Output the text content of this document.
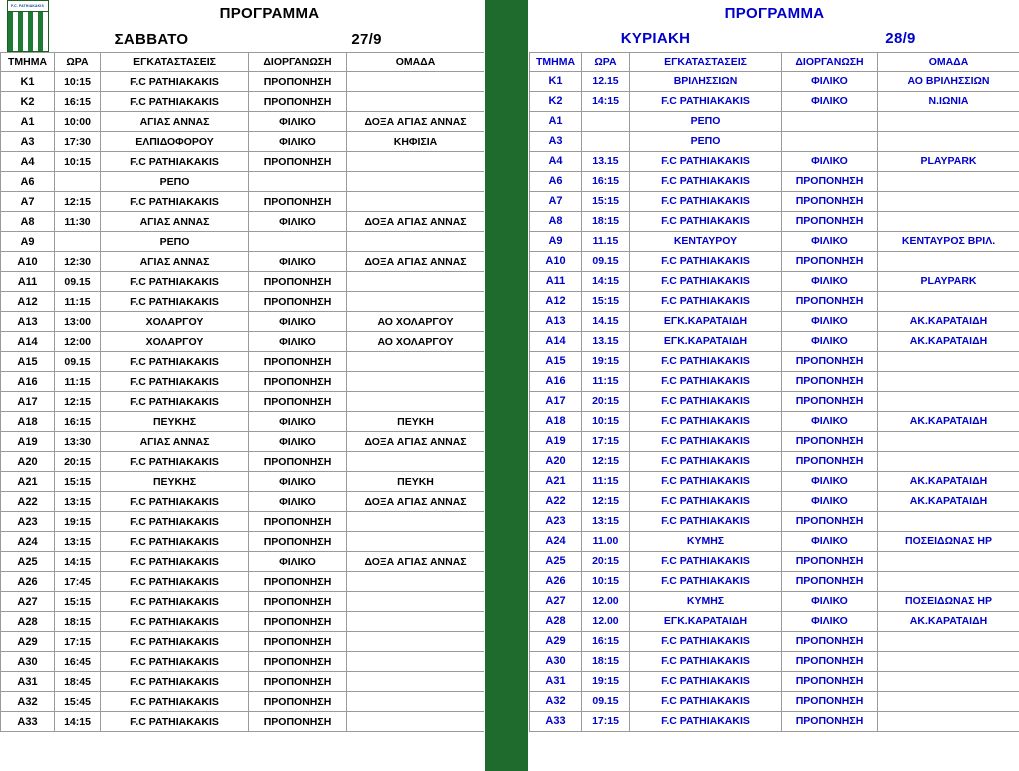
F.C. PATHIAKAKIS	ΠΡΟΓΡΑΜΜΑ			
	ΣΑΒΒΑΤΟ		27/9	
ΤΜΗΜΑ	ΩΡΑ	ΕΓΚΑΤΑΣΤΑΣΕΙΣ	ΔΙΟΡΓΑΝΩΣΗ	ΟΜΑΔΑ
K1	10:15	F.C ΡΑΤΗΙΑΚΑΚΙS	ΠΡΟΠΟΝΗΣΗ	
K2	16:15	F.C ΡΑΤΗΙΑΚΑΚΙS	ΠΡΟΠΟΝΗΣΗ	
Α1	10:00	ΑΓΙΑΣ ΑΝΝΑΣ	ΦΙΛΙΚΟ	ΔΟΞΑ ΑΓΙΑΣ ΑΝΝΑΣ
Α3	17:30	ΕΛΠΙΔΟΦΟΡΟΥ	ΦΙΛΙΚΟ	ΚΗΦΙΣΙΑ
Α4	10:15	F.C ΡΑΤΗΙΑΚΑΚΙS	ΠΡΟΠΟΝΗΣΗ	
Α6		ΡΕΠΟ		
Α7	12:15	F.C ΡΑΤΗΙΑΚΑΚΙS	ΠΡΟΠΟΝΗΣΗ	
Α8	11:30	ΑΓΙΑΣ ΑΝΝΑΣ	ΦΙΛΙΚΟ	ΔΟΞΑ ΑΓΙΑΣ ΑΝΝΑΣ
Α9		ΡΕΠΟ		
Α10	12:30	ΑΓΙΑΣ ΑΝΝΑΣ	ΦΙΛΙΚΟ	ΔΟΞΑ ΑΓΙΑΣ ΑΝΝΑΣ
Α11	09.15	F.C ΡΑΤΗΙΑΚΑΚΙS	ΠΡΟΠΟΝΗΣΗ	
Α12	11:15	F.C ΡΑΤΗΙΑΚΑΚΙS	ΠΡΟΠΟΝΗΣΗ	
Α13	13:00	ΧΟΛΑΡΓΟΥ	ΦΙΛΙΚΟ	ΑΟ ΧΟΛΑΡΓΟΥ
Α14	12:00	ΧΟΛΑΡΓΟΥ	ΦΙΛΙΚΟ	ΑΟ ΧΟΛΑΡΓΟΥ
Α15	09.15	F.C ΡΑΤΗΙΑΚΑΚΙS	ΠΡΟΠΟΝΗΣΗ	
Α16	11:15	F.C ΡΑΤΗΙΑΚΑΚΙS	ΠΡΟΠΟΝΗΣΗ	
Α17	12:15	F.C ΡΑΤΗΙΑΚΑΚΙS	ΠΡΟΠΟΝΗΣΗ	
Α18	16:15	ΠΕΥΚΗΣ	ΦΙΛΙΚΟ	ΠΕΥΚΗ
Α19	13:30	ΑΓΙΑΣ ΑΝΝΑΣ	ΦΙΛΙΚΟ	ΔΟΞΑ ΑΓΙΑΣ ΑΝΝΑΣ
Α20	20:15	F.C ΡΑΤΗΙΑΚΑΚΙS	ΠΡΟΠΟΝΗΣΗ	
Α21	15:15	ΠΕΥΚΗΣ	ΦΙΛΙΚΟ	ΠΕΥΚΗ
Α22	13:15	F.C ΡΑΤΗΙΑΚΑΚΙS	ΦΙΛΙΚΟ	ΔΟΞΑ ΑΓΙΑΣ ΑΝΝΑΣ
Α23	19:15	F.C ΡΑΤΗΙΑΚΑΚΙS	ΠΡΟΠΟΝΗΣΗ	
Α24	13:15	F.C ΡΑΤΗΙΑΚΑΚΙS	ΠΡΟΠΟΝΗΣΗ	
Α25	14:15	F.C ΡΑΤΗΙΑΚΑΚΙS	ΦΙΛΙΚΟ	ΔΟΞΑ ΑΓΙΑΣ ΑΝΝΑΣ
Α26	17:45	F.C ΡΑΤΗΙΑΚΑΚΙS	ΠΡΟΠΟΝΗΣΗ	
Α27	15:15	F.C ΡΑΤΗΙΑΚΑΚΙS	ΠΡΟΠΟΝΗΣΗ	
Α28	18:15	F.C ΡΑΤΗΙΑΚΑΚΙS	ΠΡΟΠΟΝΗΣΗ	
Α29	17:15	F.C ΡΑΤΗΙΑΚΑΚΙS	ΠΡΟΠΟΝΗΣΗ	
Α30	16:45	F.C ΡΑΤΗΙΑΚΑΚΙS	ΠΡΟΠΟΝΗΣΗ	
Α31	18:45	F.C ΡΑΤΗΙΑΚΑΚΙS	ΠΡΟΠΟΝΗΣΗ	
Α32	15:45	F.C ΡΑΤΗΙΑΚΑΚΙS	ΠΡΟΠΟΝΗΣΗ	
Α33	14:15	F.C ΡΑΤΗΙΑΚΑΚΙS	ΠΡΟΠΟΝΗΣΗ	
ΠΡΟΓΡΑΜΜΑ				
ΚΥΡΙΑΚΗ			28/9	
ΤΜΗΜΑ	ΩΡΑ	ΕΓΚΑΤΑΣΤΑΣΕΙΣ	ΔΙΟΡΓΑΝΩΣΗ	ΟΜΑΔΑ
K1	12.15	ΒΡΙΛΗΣΣΙΩΝ	ΦΙΛΙΚΟ	ΑΟ ΒΡΙΛΗΣΣΙΩΝ
K2	14:15	F.C ΡΑΤΗΙΑΚΑΚΙS	ΦΙΛΙΚΟ	Ν.ΙΩΝΙΑ
Α1		ΡΕΠΟ		
Α3		ΡΕΠΟ		
Α4	13.15	F.C ΡΑΤΗΙΑΚΑΚΙS	ΦΙΛΙΚΟ	PLAYPARK
Α6	16:15	F.C ΡΑΤΗΙΑΚΑΚΙS	ΠΡΟΠΟΝΗΣΗ	
Α7	15:15	F.C ΡΑΤΗΙΑΚΑΚΙS	ΠΡΟΠΟΝΗΣΗ	
Α8	18:15	F.C ΡΑΤΗΙΑΚΑΚΙS	ΠΡΟΠΟΝΗΣΗ	
Α9	11.15	ΚΕΝΤΑΥΡΟΥ	ΦΙΛΙΚΟ	ΚΕΝΤΑΥΡΟΣ ΒΡΙΛ.
Α10	09.15	F.C ΡΑΤΗΙΑΚΑΚΙS	ΠΡΟΠΟΝΗΣΗ	
Α11	14:15	F.C ΡΑΤΗΙΑΚΑΚΙS	ΦΙΛΙΚΟ	PLAYPARK
Α12	15:15	F.C ΡΑΤΗΙΑΚΑΚΙS	ΠΡΟΠΟΝΗΣΗ	
Α13	14.15	ΕΓΚ.ΚΑΡΑΤΑΙΔΗ	ΦΙΛΙΚΟ	ΑΚ.ΚΑΡΑΤΑΙΔΗ
Α14	13.15	ΕΓΚ.ΚΑΡΑΤΑΙΔΗ	ΦΙΛΙΚΟ	ΑΚ.ΚΑΡΑΤΑΙΔΗ
Α15	19:15	F.C ΡΑΤΗΙΑΚΑΚΙS	ΠΡΟΠΟΝΗΣΗ	
Α16	11:15	F.C ΡΑΤΗΙΑΚΑΚΙS	ΠΡΟΠΟΝΗΣΗ	
Α17	20:15	F.C ΡΑΤΗΙΑΚΑΚΙS	ΠΡΟΠΟΝΗΣΗ	
Α18	10:15	F.C ΡΑΤΗΙΑΚΑΚΙS	ΦΙΛΙΚΟ	ΑΚ.ΚΑΡΑΤΑΙΔΗ
Α19	17:15	F.C ΡΑΤΗΙΑΚΑΚΙS	ΠΡΟΠΟΝΗΣΗ	
Α20	12:15	F.C ΡΑΤΗΙΑΚΑΚΙS	ΠΡΟΠΟΝΗΣΗ	
Α21	11:15	F.C ΡΑΤΗΙΑΚΑΚΙS	ΦΙΛΙΚΟ	ΑΚ.ΚΑΡΑΤΑΙΔΗ
Α22	12:15	F.C ΡΑΤΗΙΑΚΑΚΙS	ΦΙΛΙΚΟ	ΑΚ.ΚΑΡΑΤΑΙΔΗ
Α23	13:15	F.C ΡΑΤΗΙΑΚΑΚΙS	ΠΡΟΠΟΝΗΣΗ	
Α24	11.00	ΚΥΜΗΣ	ΦΙΛΙΚΟ	ΠΟΣΕΙΔΩΝΑΣ ΗΡ
Α25	20:15	F.C ΡΑΤΗΙΑΚΑΚΙS	ΠΡΟΠΟΝΗΣΗ	
Α26	10:15	F.C ΡΑΤΗΙΑΚΑΚΙS	ΠΡΟΠΟΝΗΣΗ	
Α27	12.00	ΚΥΜΗΣ	ΦΙΛΙΚΟ	ΠΟΣΕΙΔΩΝΑΣ ΗΡ
Α28	12.00	ΕΓΚ.ΚΑΡΑΤΑΙΔΗ	ΦΙΛΙΚΟ	ΑΚ.ΚΑΡΑΤΑΙΔΗ
Α29	16:15	F.C ΡΑΤΗΙΑΚΑΚΙS	ΠΡΟΠΟΝΗΣΗ	
Α30	18:15	F.C ΡΑΤΗΙΑΚΑΚΙS	ΠΡΟΠΟΝΗΣΗ	
Α31	19:15	F.C ΡΑΤΗΙΑΚΑΚΙS	ΠΡΟΠΟΝΗΣΗ	
Α32	09.15	F.C ΡΑΤΗΙΑΚΑΚΙS	ΠΡΟΠΟΝΗΣΗ	
Α33	17:15	F.C ΡΑΤΗΙΑΚΑΚΙS	ΠΡΟΠΟΝΗΣΗ	
